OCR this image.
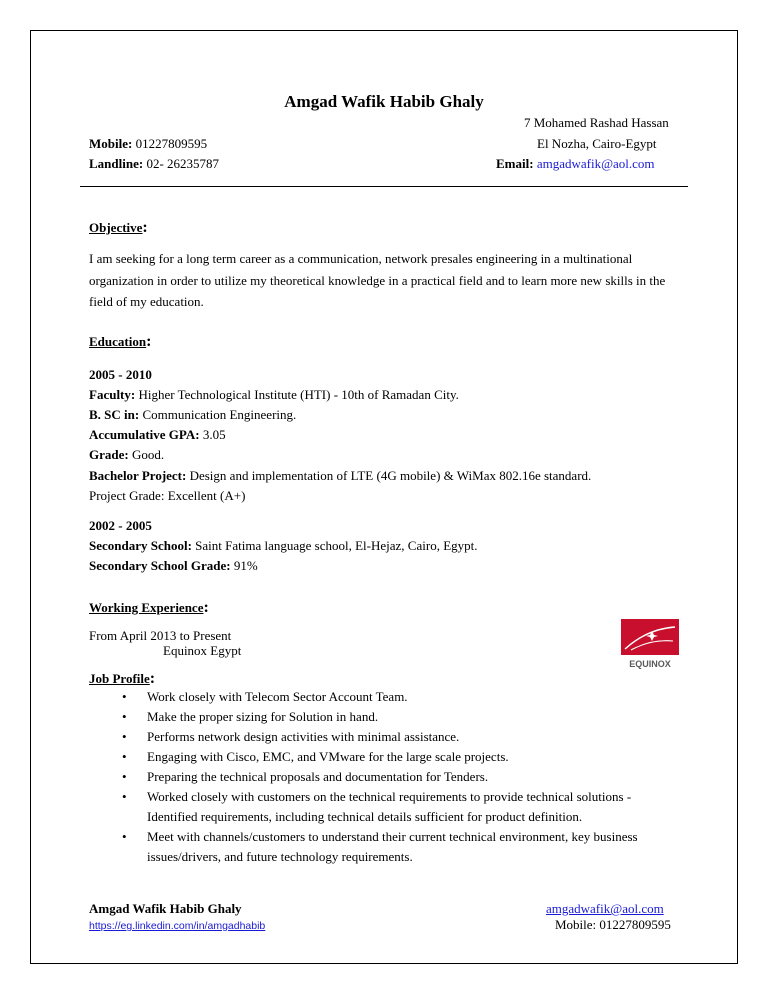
Amgad Wafik Habib Ghaly
7 Mohamed Rashad Hassan
Mobile: 01227809595	El Nozha, Cairo-Egypt
Landline: 02- 26235787	Email: amgadwafik@aol.com
Objective:
I am seeking for a long term career as a communication, network presales engineering in a multinational organization in order to utilize my theoretical knowledge in a practical field and to learn more new skills in the field of my education.
Education:
2005 - 2010
Faculty: Higher Technological Institute (HTI) - 10th of Ramadan City.
B. SC in: Communication Engineering.
Accumulative GPA: 3.05
Grade: Good.
Bachelor Project: Design and implementation of LTE (4G mobile) & WiMax 802.16e standard.
Project Grade: Excellent (A+)
2002 - 2005
Secondary School: Saint Fatima language school, El-Hejaz, Cairo, Egypt.
Secondary School Grade: 91%
Working Experience:
From April 2013 to Present
Equinox Egypt
EQUINOX
Job Profile:
• Work closely with Telecom Sector Account Team.
• Make the proper sizing for Solution in hand.
• Performs network design activities with minimal assistance.
• Engaging with Cisco, EMC, and VMware for the large scale projects.
• Preparing the technical proposals and documentation for Tenders.
• Worked closely with customers on the technical requirements to provide technical solutions - Identified requirements, including technical details sufficient for product definition.
• Meet with channels/customers to understand their current technical environment, key business issues/drivers, and future technology requirements.
Amgad Wafik Habib Ghaly
https://eg.linkedin.com/in/amgadhabib
amgadwafik@aol.com
Mobile: 01227809595
